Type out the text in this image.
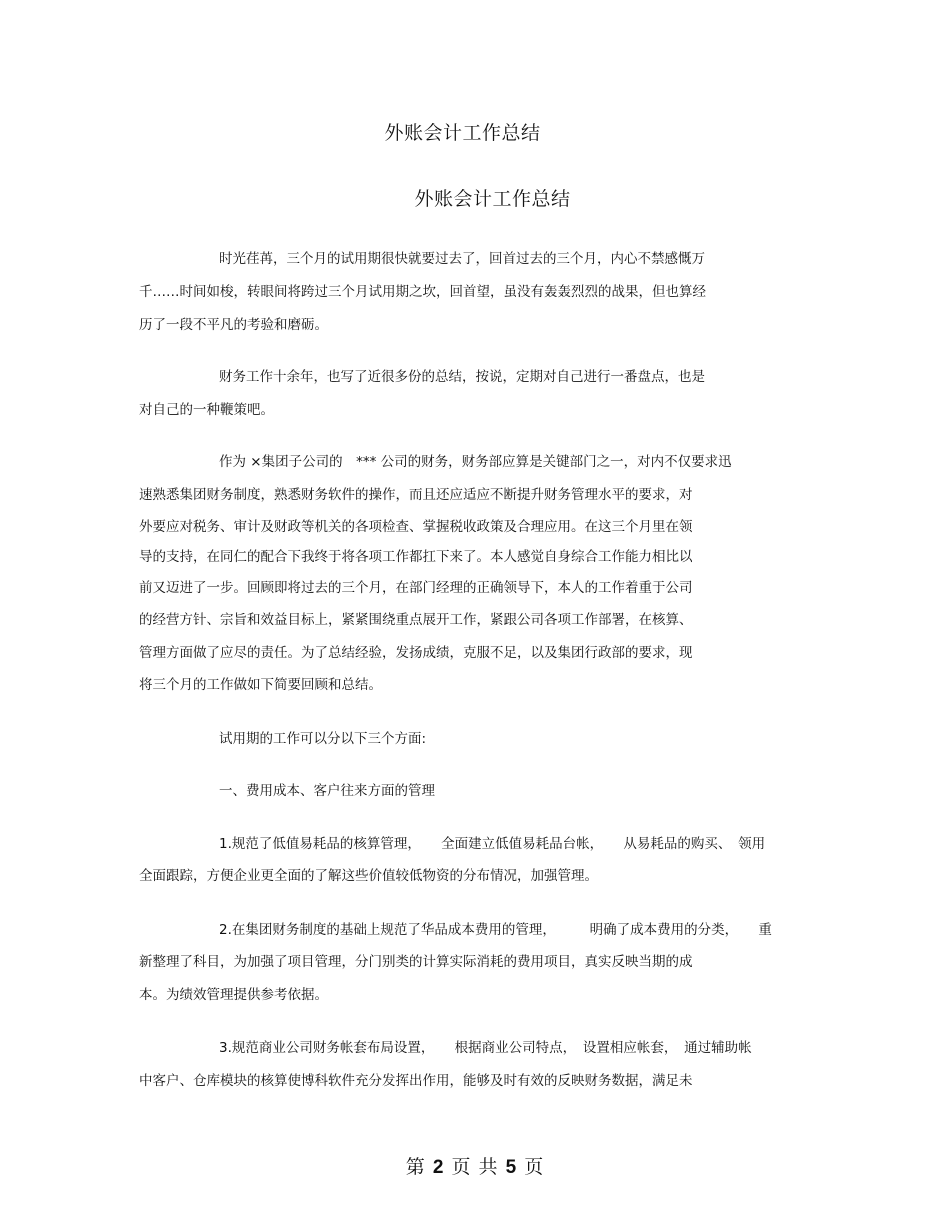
外账会计工作总结
外账会计工作总结
时光荏苒，三个月的试用期很快就要过去了，回首过去的三个月，内心不禁感慨万
千……时间如梭，转眼间将跨过三个月试用期之坎，回首望，虽没有轰轰烈烈的战果，但也算经
历了一段不平凡的考验和磨砺。
财务工作十余年，也写了近很多份的总结，按说，定期对自己进行一番盘点，也是
对自己的一种鞭策吧。
作为 ×集团子公司的　*** 公司的财务，财务部应算是关键部门之一，对内不仅要求迅
速熟悉集团财务制度，熟悉财务软件的操作，而且还应适应不断提升财务管理水平的要求，对
外要应对税务、审计及财政等机关的各项检查、掌握税收政策及合理应用。在这三个月里在领
导的支持，在同仁的配合下我终于将各项工作都扛下来了。本人感觉自身综合工作能力相比以
前又迈进了一步。回顾即将过去的三个月，在部门经理的正确领导下，本人的工作着重于公司
的经营方针、宗旨和效益目标上，紧紧围绕重点展开工作，紧跟公司各项工作部署，在核算、
管理方面做了应尽的责任。为了总结经验，发扬成绩，克服不足，以及集团行政部的要求，现
将三个月的工作做如下简要回顾和总结。
试用期的工作可以分以下三个方面:
一、费用成本、客户往来方面的管理
1.规范了低值易耗品的核算管理，　　全面建立低值易耗品台帐，　　从易耗品的购买、　领用
全面跟踪，方便企业更全面的了解这些价值较低物资的分布情况，加强管理。
2.在集团财务制度的基础上规范了华品成本费用的管理，　　　明确了成本费用的分类，　　重
新整理了科目，为加强了项目管理，分门别类的计算实际消耗的费用项目，真实反映当期的成
本。为绩效管理提供参考依据。
3.规范商业公司财务帐套布局设置，　　根据商业公司特点，　设置相应帐套，　通过辅助帐
中客户、仓库模块的核算使博科软件充分发挥出作用，能够及时有效的反映财务数据，满足未
第 2 页 共 5 页
